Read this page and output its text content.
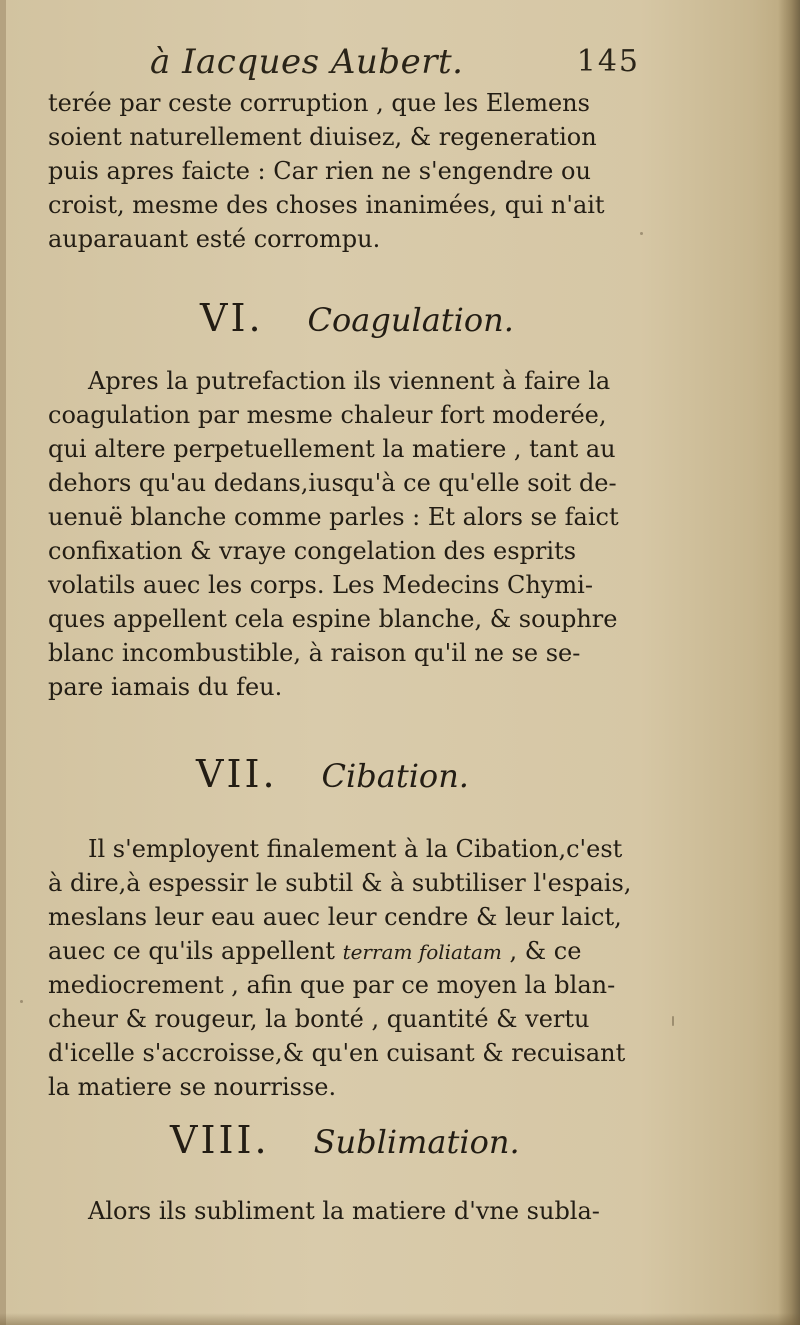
à Iacques Aubert.	145
terée par ceste corruption , que les Elemens
soient naturellement diuisez, & regeneration
puis apres faicte : Car rien ne s'engendre ou
croist, mesme des choses inanimées, qui n'ait
auparauant esté corrompu.
VI. Coagulation.
Apres la putrefaction ils viennent à faire la
coagulation par mesme chaleur fort moderée,
qui altere perpetuellement la matiere , tant au
dehors qu'au dedans,iusqu'à ce qu'elle soit de-
uenuë blanche comme parles : Et alors se faict
confixation & vraye congelation des esprits
volatils auec les corps. Les Medecins Chymi-
ques appellent cela espine blanche, & souphre
blanc incombustible, à raison qu'il ne se se-
pare iamais du feu.
VII. Cibation.
Il s'employent finalement à la Cibation,c'est
à dire,à espessir le subtil & à subtiliser l'espais,
meslans leur eau auec leur cendre & leur laict,
auec ce qu'ils appellent terram foliatam , & ce
mediocrement , afin que par ce moyen la blan-
cheur & rougeur, la bonté , quantité & vertu
d'icelle s'accroisse,& qu'en cuisant & recuisant
la matiere se nourrisse.
VIII. Sublimation.
Alors ils subliment la matiere d'vne subla-
